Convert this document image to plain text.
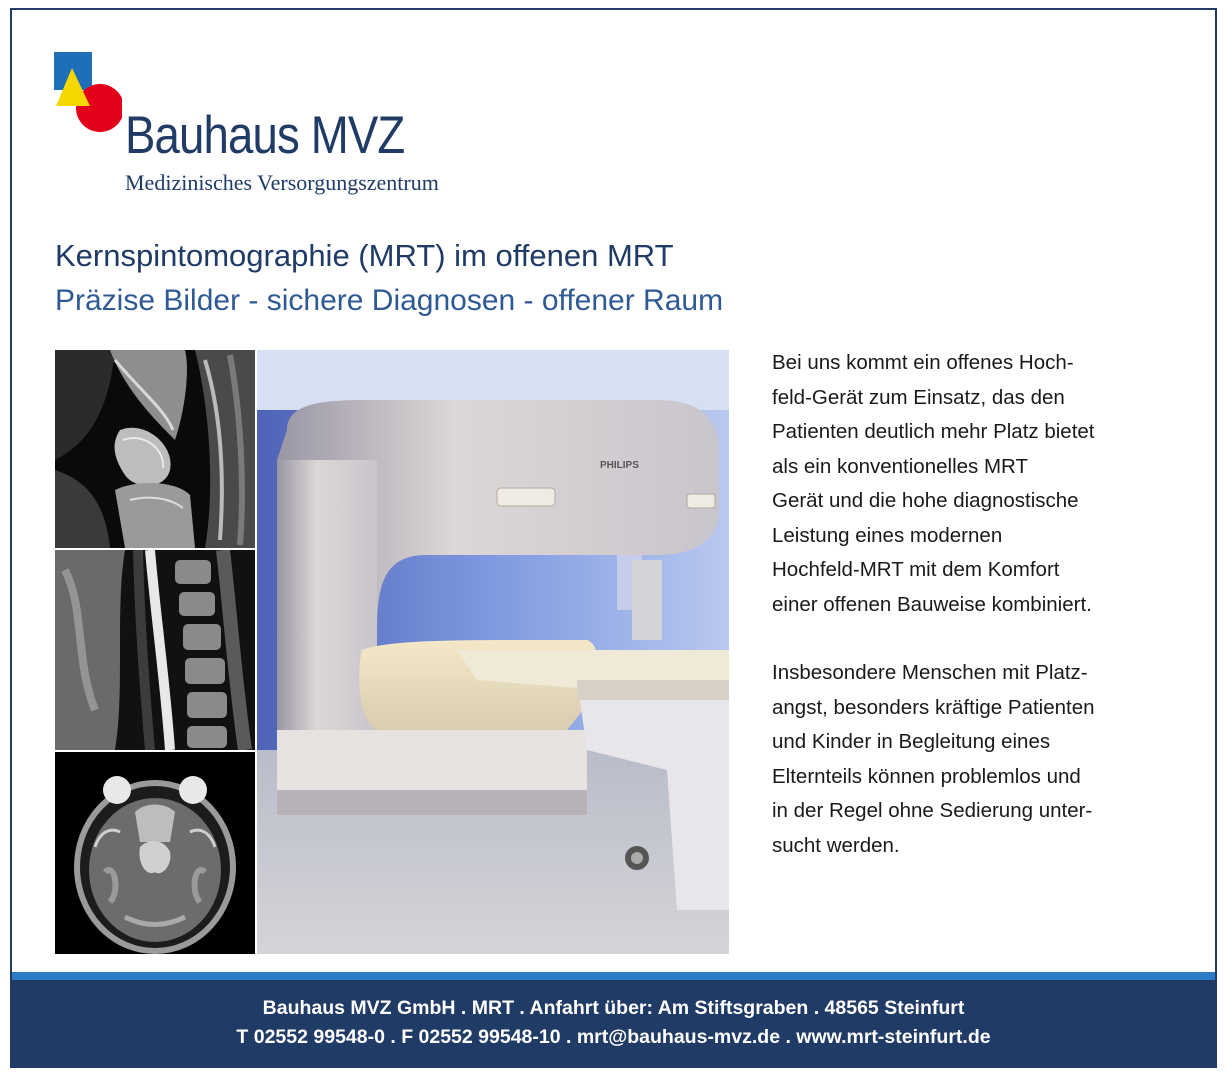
Bauhaus MVZ
Medizinisches Versorgungszentrum
Kernspintomographie (MRT) im offenen MRT
Präzise Bilder - sichere Diagnosen - offener Raum
PHILIPS

Bei uns kommt ein offenes Hoch-
feld-Gerät zum Einsatz, das den
Patienten deutlich mehr Platz bietet
als ein konventionelles MRT
Gerät und die hohe diagnostische
Leistung eines modernen
Hochfeld-MRT mit dem Komfort
einer offenen Bauweise kombiniert.

Insbesondere Menschen mit Platz-
angst, besonders kräftige Patienten
und Kinder in Begleitung eines
Elternteils können problemlos und
in der Regel ohne Sedierung unter-
sucht werden.

Bauhaus MVZ GmbH . MRT . Anfahrt über: Am Stiftsgraben . 48565 Steinfurt
T 02552 99548-0 . F 02552 99548-10 . mrt@bauhaus-mvz.de . www.mrt-steinfurt.de
